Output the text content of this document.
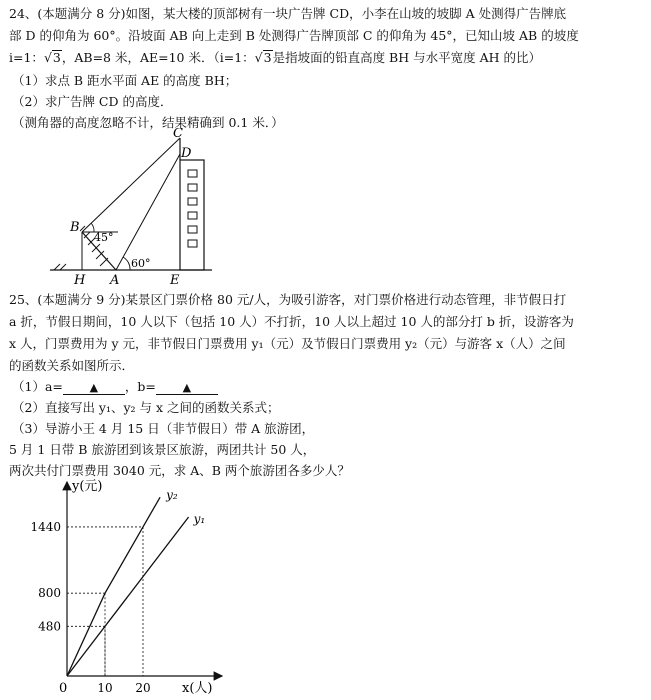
24、(本题满分 8 分)如图，某大楼的顶部树有一块广告牌 CD，小李在山坡的坡脚 A 处测得广告牌底
部 D 的仰角为 60°。沿坡面 AB 向上走到 B 处测得广告牌顶部 C 的仰角为 45°，已知山坡 AB 的坡度
i=1：√3，AB=8 米，AE=10 米．（i=1：√3是指坡面的铅直高度 BH 与水平宽度 AH 的比）
（1）求点 B 距水平面 AE 的高度 BH；
（2）求广告牌 CD 的高度．
（测角器的高度忽略不计，结果精确到 0.1 米．）
C
D
B
H A	E
45°
60°
25、(本题满分 9 分)某景区门票价格 80 元/人，为吸引游客，对门票价格进行动态管理，非节假日打
a 折，节假日期间，10 人以下（包括 10 人）不打折，10 人以上超过 10 人的部分打 b 折，设游客为
x 人，门票费用为 y 元，非节假日门票费用 y₁（元）及节假日门票费用 y₂（元）与游客 x（人）之间
的函数关系如图所示．
（1）a= ▲ ，b= ▲
（2）直接写出 y₁、y₂ 与 x 之间的函数关系式；
（3）导游小王 4 月 15 日（非节假日）带 A 旅游团，
5 月 1 日带 B 旅游团到该景区旅游，两团共计 50 人，
两次共付门票费用 3040 元，求 A、B 两个旅游团各多少人？
y(元)
x(人)
0
y₂
y₁
480
800
1440
10 20
